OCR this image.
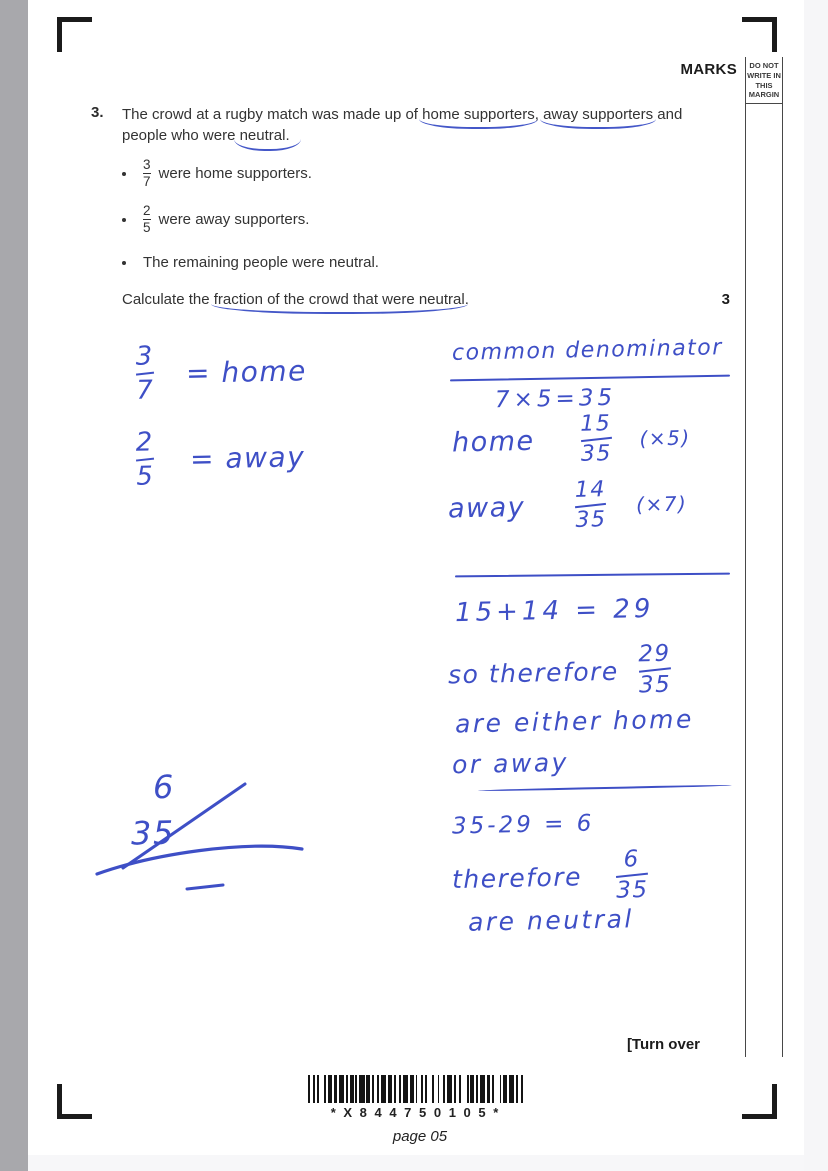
MARKS	DO NOT
WRITE IN
THIS
MARGIN
3. The crowd at a rugby match was made up of home supporters, away supporters and people who were neutral.
3
7 were home supporters.
2
5 were away supporters.
The remaining people were neutral.
Calculate the fraction of the crowd that were neutral.	3
3
7
= home
2
5
= away
common denominator
7×5=35
home
15
35
(×5)
away
14
35
(×7)
15+14 = 29
so therefore
29
35
are either home
or away
35-29 = 6
therefore
6
35
are neutral
6
35
[Turn over
* X 8 4 4 7 5 0 1 0 5 *
page 05
